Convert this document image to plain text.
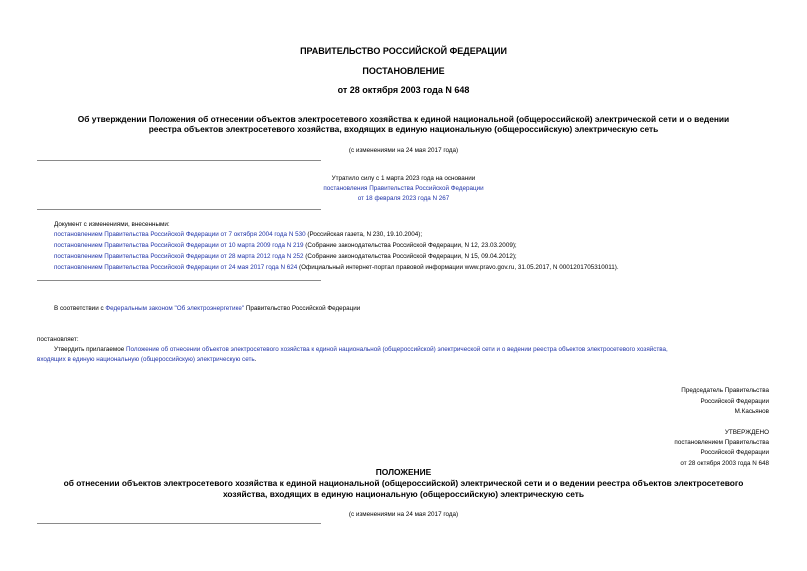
ПРАВИТЕЛЬСТВО РОССИЙСКОЙ ФЕДЕРАЦИИ
ПОСТАНОВЛЕНИЕ
от 28 октября 2003 года N 648
Об утверждении Положения об отнесении объектов электросетевого хозяйства к единой национальной (общероссийской) электрической сети и о ведении
реестра объектов электросетевого хозяйства, входящих в единую национальную (общероссийскую) электрическую сеть
(с изменениями на 24 мая 2017 года)
Утратило силу с 1 марта 2023 года на основании
постановления Правительства Российской Федерации
от 18 февраля 2023 года N 267
Документ с изменениями, внесенными:
постановлением Правительства Российской Федерации от 7 октября 2004 года N 530 (Российская газета, N 230, 19.10.2004);
постановлением Правительства Российской Федерации от 10 марта 2009 года N 219 (Собрание законодательства Российской Федерации, N 12, 23.03.2009);
постановлением Правительства Российской Федерации от 28 марта 2012 года N 252 (Собрание законодательства Российской Федерации, N 15, 09.04.2012);
постановлением Правительства Российской Федерации от 24 мая 2017 года N 624 (Официальный интернет-портал правовой информации www.pravo.gov.ru, 31.05.2017, N 0001201705310011).
В соответствии с Федеральным законом "Об электроэнергетике" Правительство Российской Федерации
постановляет:
Утвердить прилагаемое Положение об отнесении объектов электросетевого хозяйства к единой национальной (общероссийской) электрической сети и о ведении реестра объектов электросетевого хозяйства,
входящих в единую национальную (общероссийскую) электрическую сеть.
Председатель Правительства
Российской Федерации
М.Касьянов
УТВЕРЖДЕНО
постановлением Правительства
Российской Федерации
от 28 октября 2003 года N 648
ПОЛОЖЕНИЕ
об отнесении объектов электросетевого хозяйства к единой национальной (общероссийской) электрической сети и о ведении реестра объектов электросетевого
хозяйства, входящих в единую национальную (общероссийскую) электрическую сеть
(с изменениями на 24 мая 2017 года)
